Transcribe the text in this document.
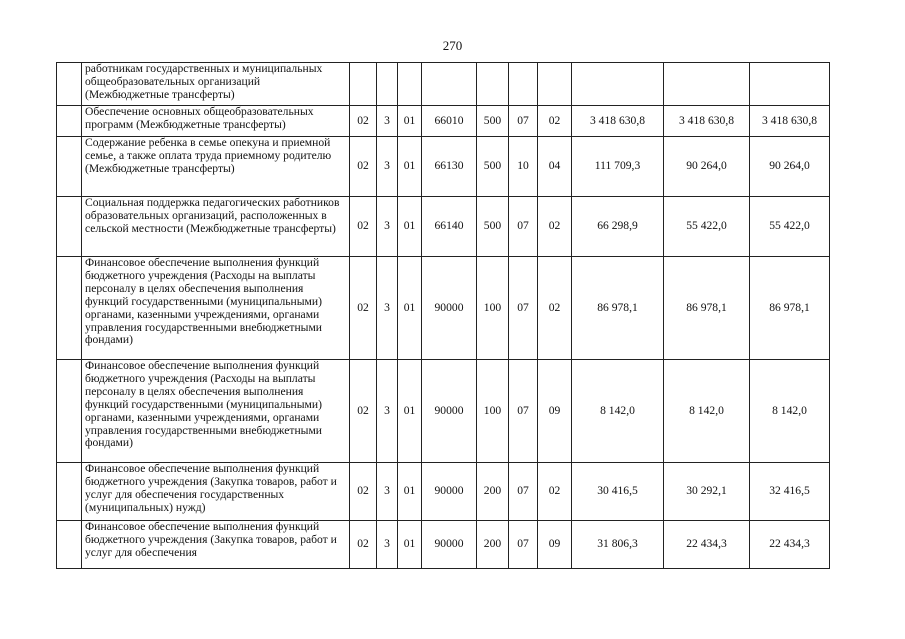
270
	работникам государственных и муниципальных общеобразовательных организаций (Межбюджетные трансферты)										
	Обеспечение основных общеобразовательных программ (Межбюджетные трансферты)	02	3	01	66010	500	07	02	3 418 630,8	3 418 630,8	3 418 630,8
	Содержание ребенка в семье опекуна и приемной семье, а также оплата труда приемному родителю (Межбюджетные трансферты)	02	3	01	66130	500	10	04	111 709,3	90 264,0	90 264,0
	Социальная поддержка педагогических работников образовательных организаций, расположенных в сельской местности (Межбюджетные трансферты)	02	3	01	66140	500	07	02	66 298,9	55 422,0	55 422,0
	Финансовое обеспечение выполнения функций бюджетного учреждения (Расходы на выплаты персоналу в целях обеспечения выполнения функций государственными (муниципальными) органами, казенными учреждениями, органами управления государственными внебюджетными фондами)	02	3	01	90000	100	07	02	86 978,1	86 978,1	86 978,1
	Финансовое обеспечение выполнения функций бюджетного учреждения (Расходы на выплаты персоналу в целях обеспечения выполнения функций государственными (муниципальными) органами, казенными учреждениями, органами управления государственными внебюджетными фондами)	02	3	01	90000	100	07	09	8 142,0	8 142,0	8 142,0
	Финансовое обеспечение выполнения функций бюджетного учреждения (Закупка товаров, работ и услуг для обеспечения государственных (муниципальных) нужд)	02	3	01	90000	200	07	02	30 416,5	30 292,1	32 416,5
	Финансовое обеспечение выполнения функций бюджетного учреждения (Закупка товаров, работ и услуг для обеспечения	02	3	01	90000	200	07	09	31 806,3	22 434,3	22 434,3
